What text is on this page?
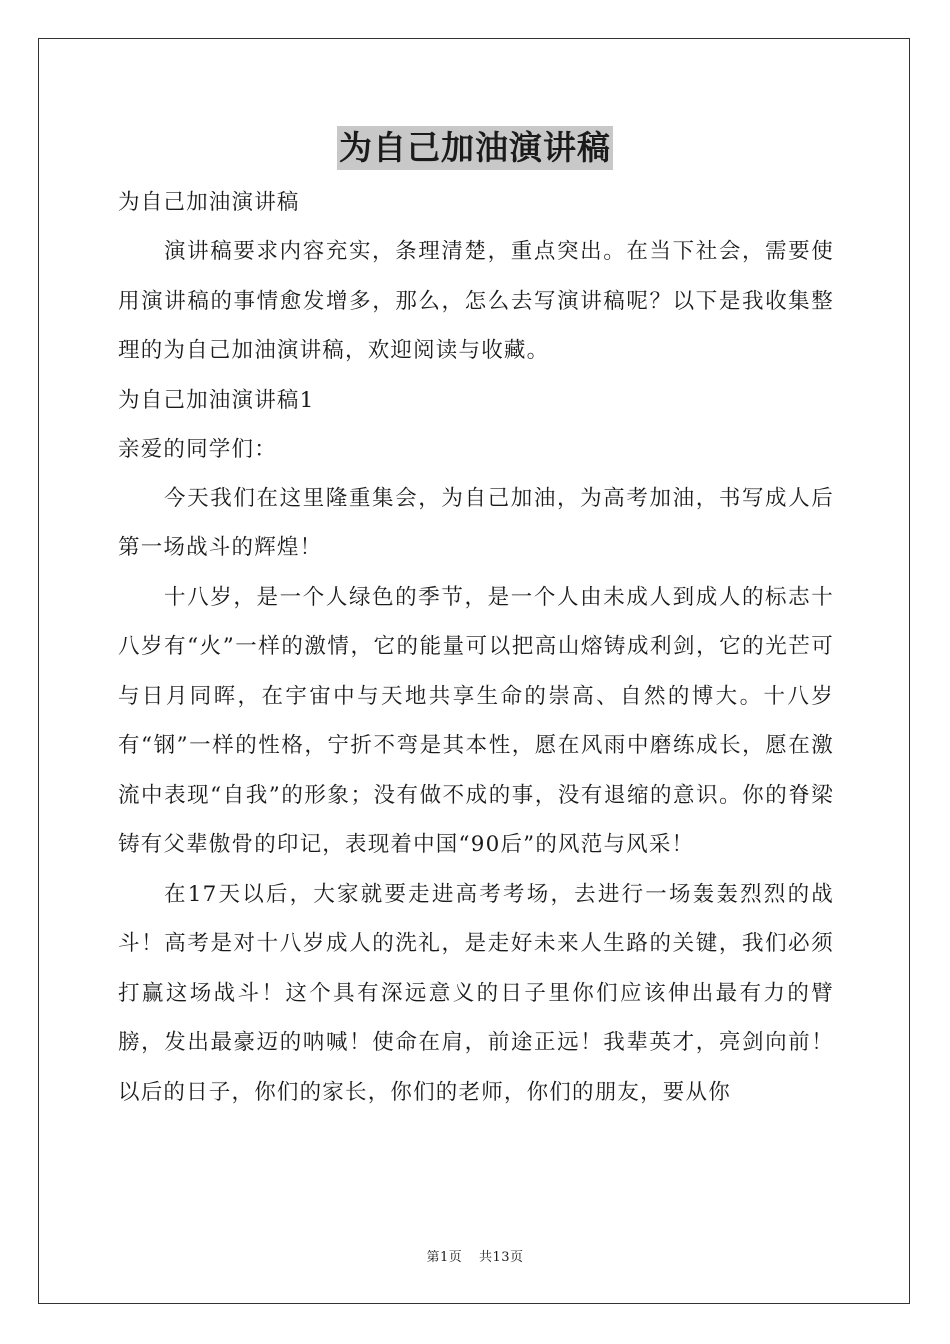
为自己加油演讲稿

为自己加油演讲稿

演讲稿要求内容充实，条理清楚，重点突出。在当下社会，需要使用演讲稿的事情愈发增多，那么，怎么去写演讲稿呢？以下是我收集整理的为自己加油演讲稿，欢迎阅读与收藏。

为自己加油演讲稿1

亲爱的同学们：

今天我们在这里隆重集会，为自己加油，为高考加油，书写成人后第一场战斗的辉煌！

十八岁，是一个人绿色的季节，是一个人由未成人到成人的标志十八岁有“火”一样的激情，它的能量可以把高山熔铸成利剑，它的光芒可与日月同晖，在宇宙中与天地共享生命的崇高、自然的博大。十八岁有“钢”一样的性格，宁折不弯是其本性，愿在风雨中磨练成长，愿在激流中表现“自我”的形象；没有做不成的事，没有退缩的意识。你的脊梁铸有父辈傲骨的印记，表现着中国“90后”的风范与风采！

在17天以后，大家就要走进高考考场，去进行一场轰轰烈烈的战斗！高考是对十八岁成人的洗礼，是走好未来人生路的关键，我们必须打赢这场战斗！这个具有深远意义的日子里你们应该伸出最有力的臂膀，发出最豪迈的呐喊！使命在肩，前途正远！我辈英才，亮剑向前！以后的日子，你们的家长，你们的老师，你们的朋友，要从你

第1页 共13页
